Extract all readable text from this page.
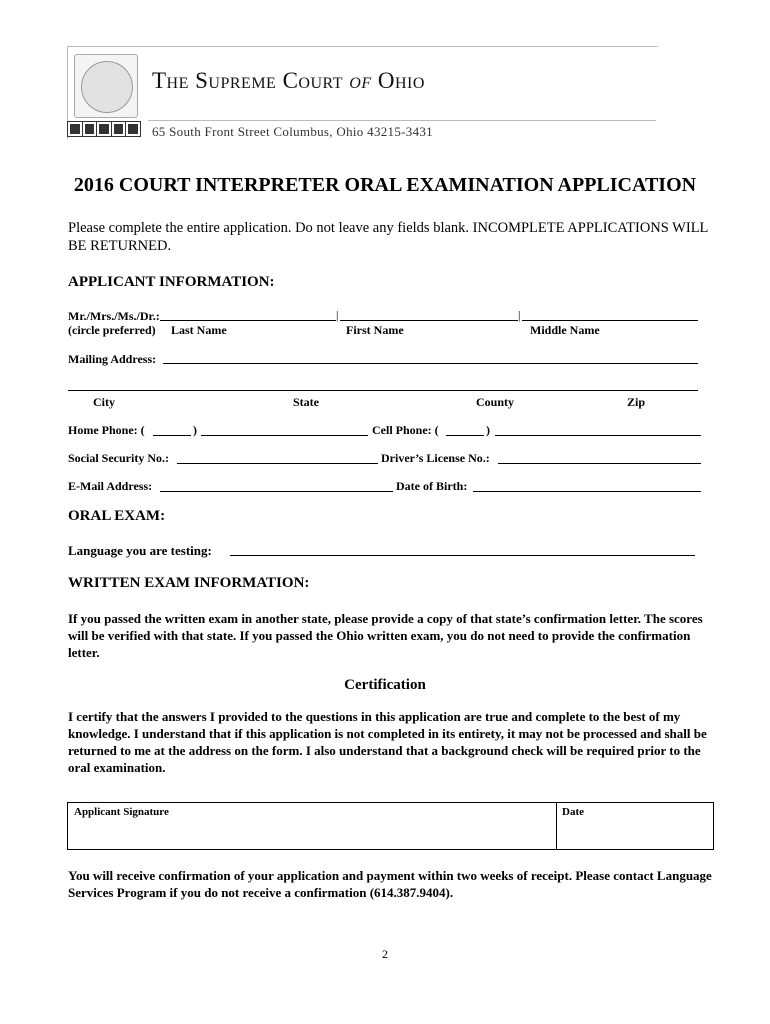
The Supreme Court of Ohio
65 South Front Street Columbus, Ohio 43215-3431
2016 COURT INTERPRETER ORAL EXAMINATION APPLICATION
Please complete the entire application. Do not leave any fields blank. INCOMPLETE APPLICATIONS WILL BE RETURNED.
APPLICANT INFORMATION:
Mr./Mrs./Ms./Dr.:	|	|
(circle preferred) Last Name	First Name	Middle Name
Mailing Address:
City	State	County	Zip
Home Phone: (	)	Cell Phone: (	)
Social Security No.:	Driver’s License No.:
E-Mail Address:	Date of Birth:
ORAL EXAM:
Language you are testing:
WRITTEN EXAM INFORMATION:
If you passed the written exam in another state, please provide a copy of that state’s confirmation letter. The scores will be verified with that state. If you passed the Ohio written exam, you do not need to provide the confirmation letter.
Certification
I certify that the answers I provided to the questions in this application are true and complete to the best of my knowledge. I understand that if this application is not completed in its entirety, it may not be processed and shall be returned to me at the address on the form. I also understand that a background check will be required prior to the oral examination.
Applicant Signature	Date
You will receive confirmation of your application and payment within two weeks of receipt. Please contact Language Services Program if you do not receive a confirmation (614.387.9404).
2
